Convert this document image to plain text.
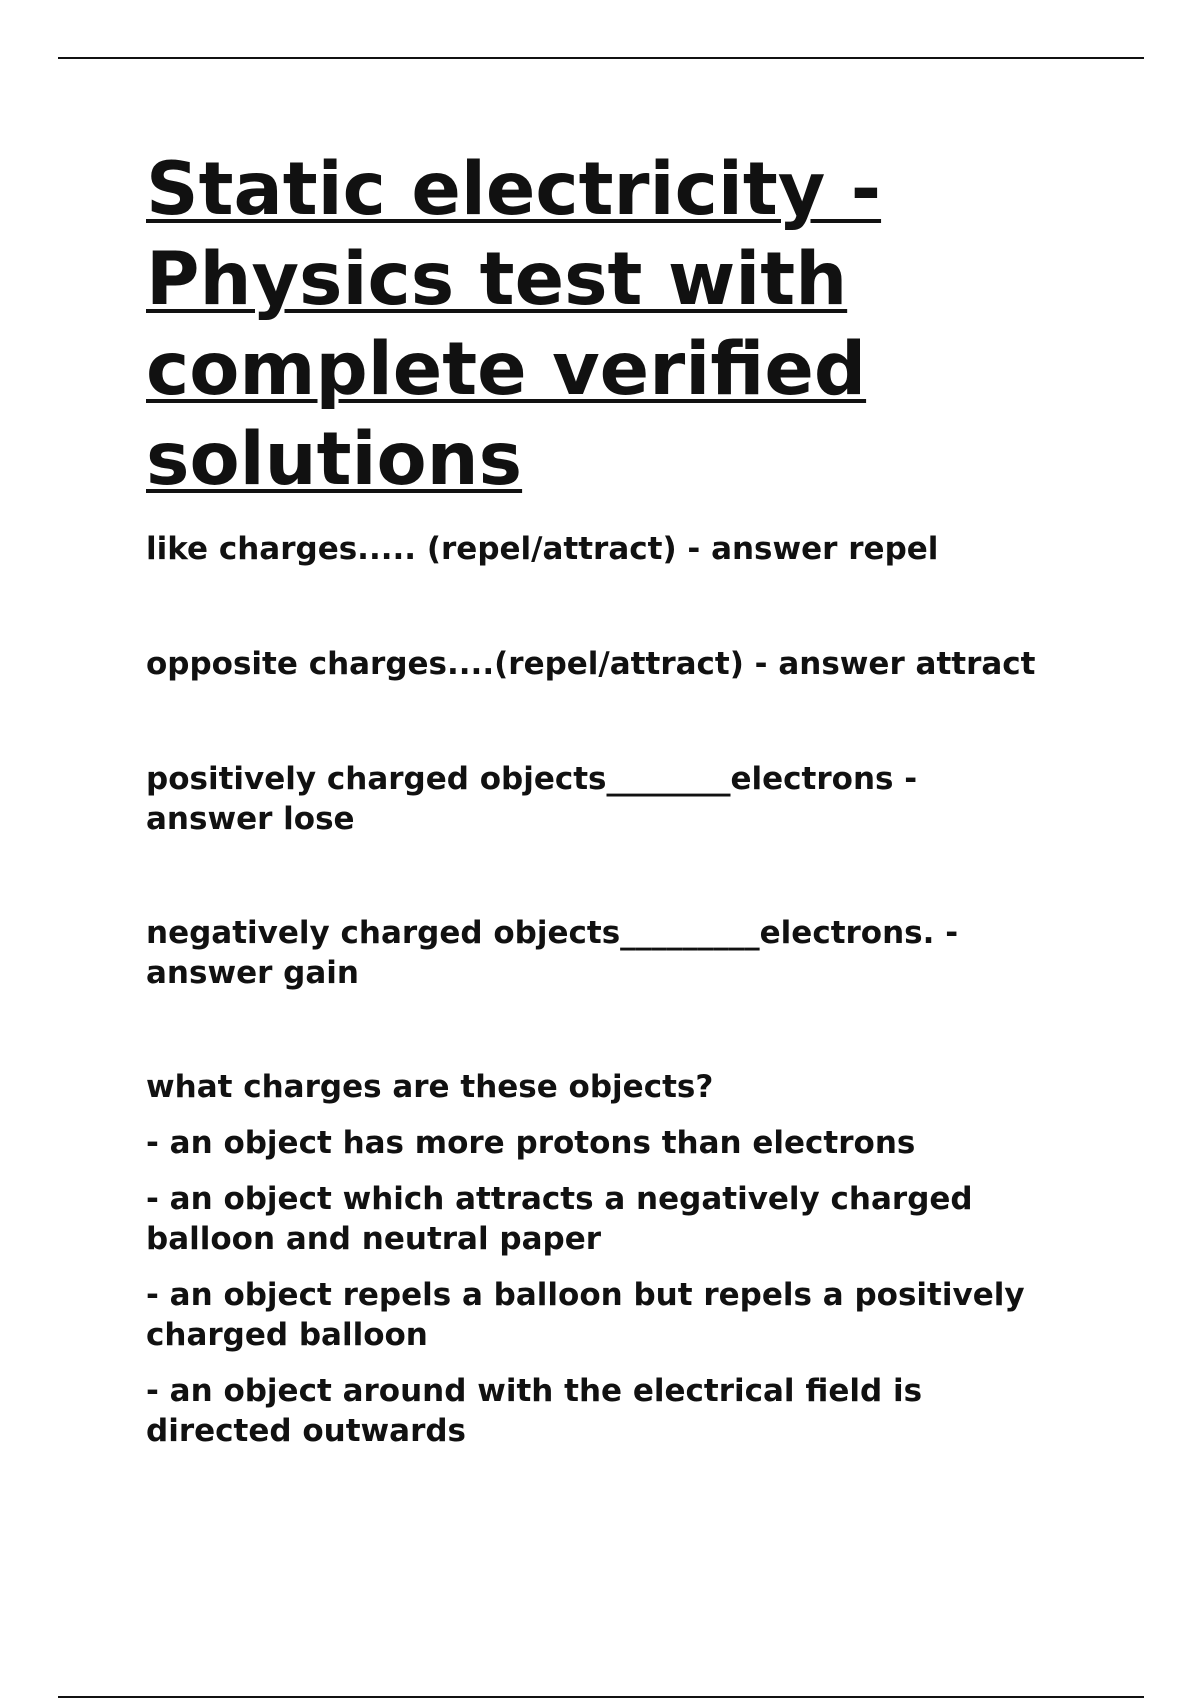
Static electricity - Physics test with complete verified solutions

like charges..... (repel/attract) - answer repel

opposite charges....(repel/attract) - answer attract

positively charged objects________electrons - answer lose

negatively charged objects_________electrons. - answer gain

what charges are these objects?

- an object has more protons than electrons
- an object which attracts a negatively charged balloon and neutral paper
- an object repels a balloon but repels a positively charged balloon
- an object around with the electrical field is directed outwards
